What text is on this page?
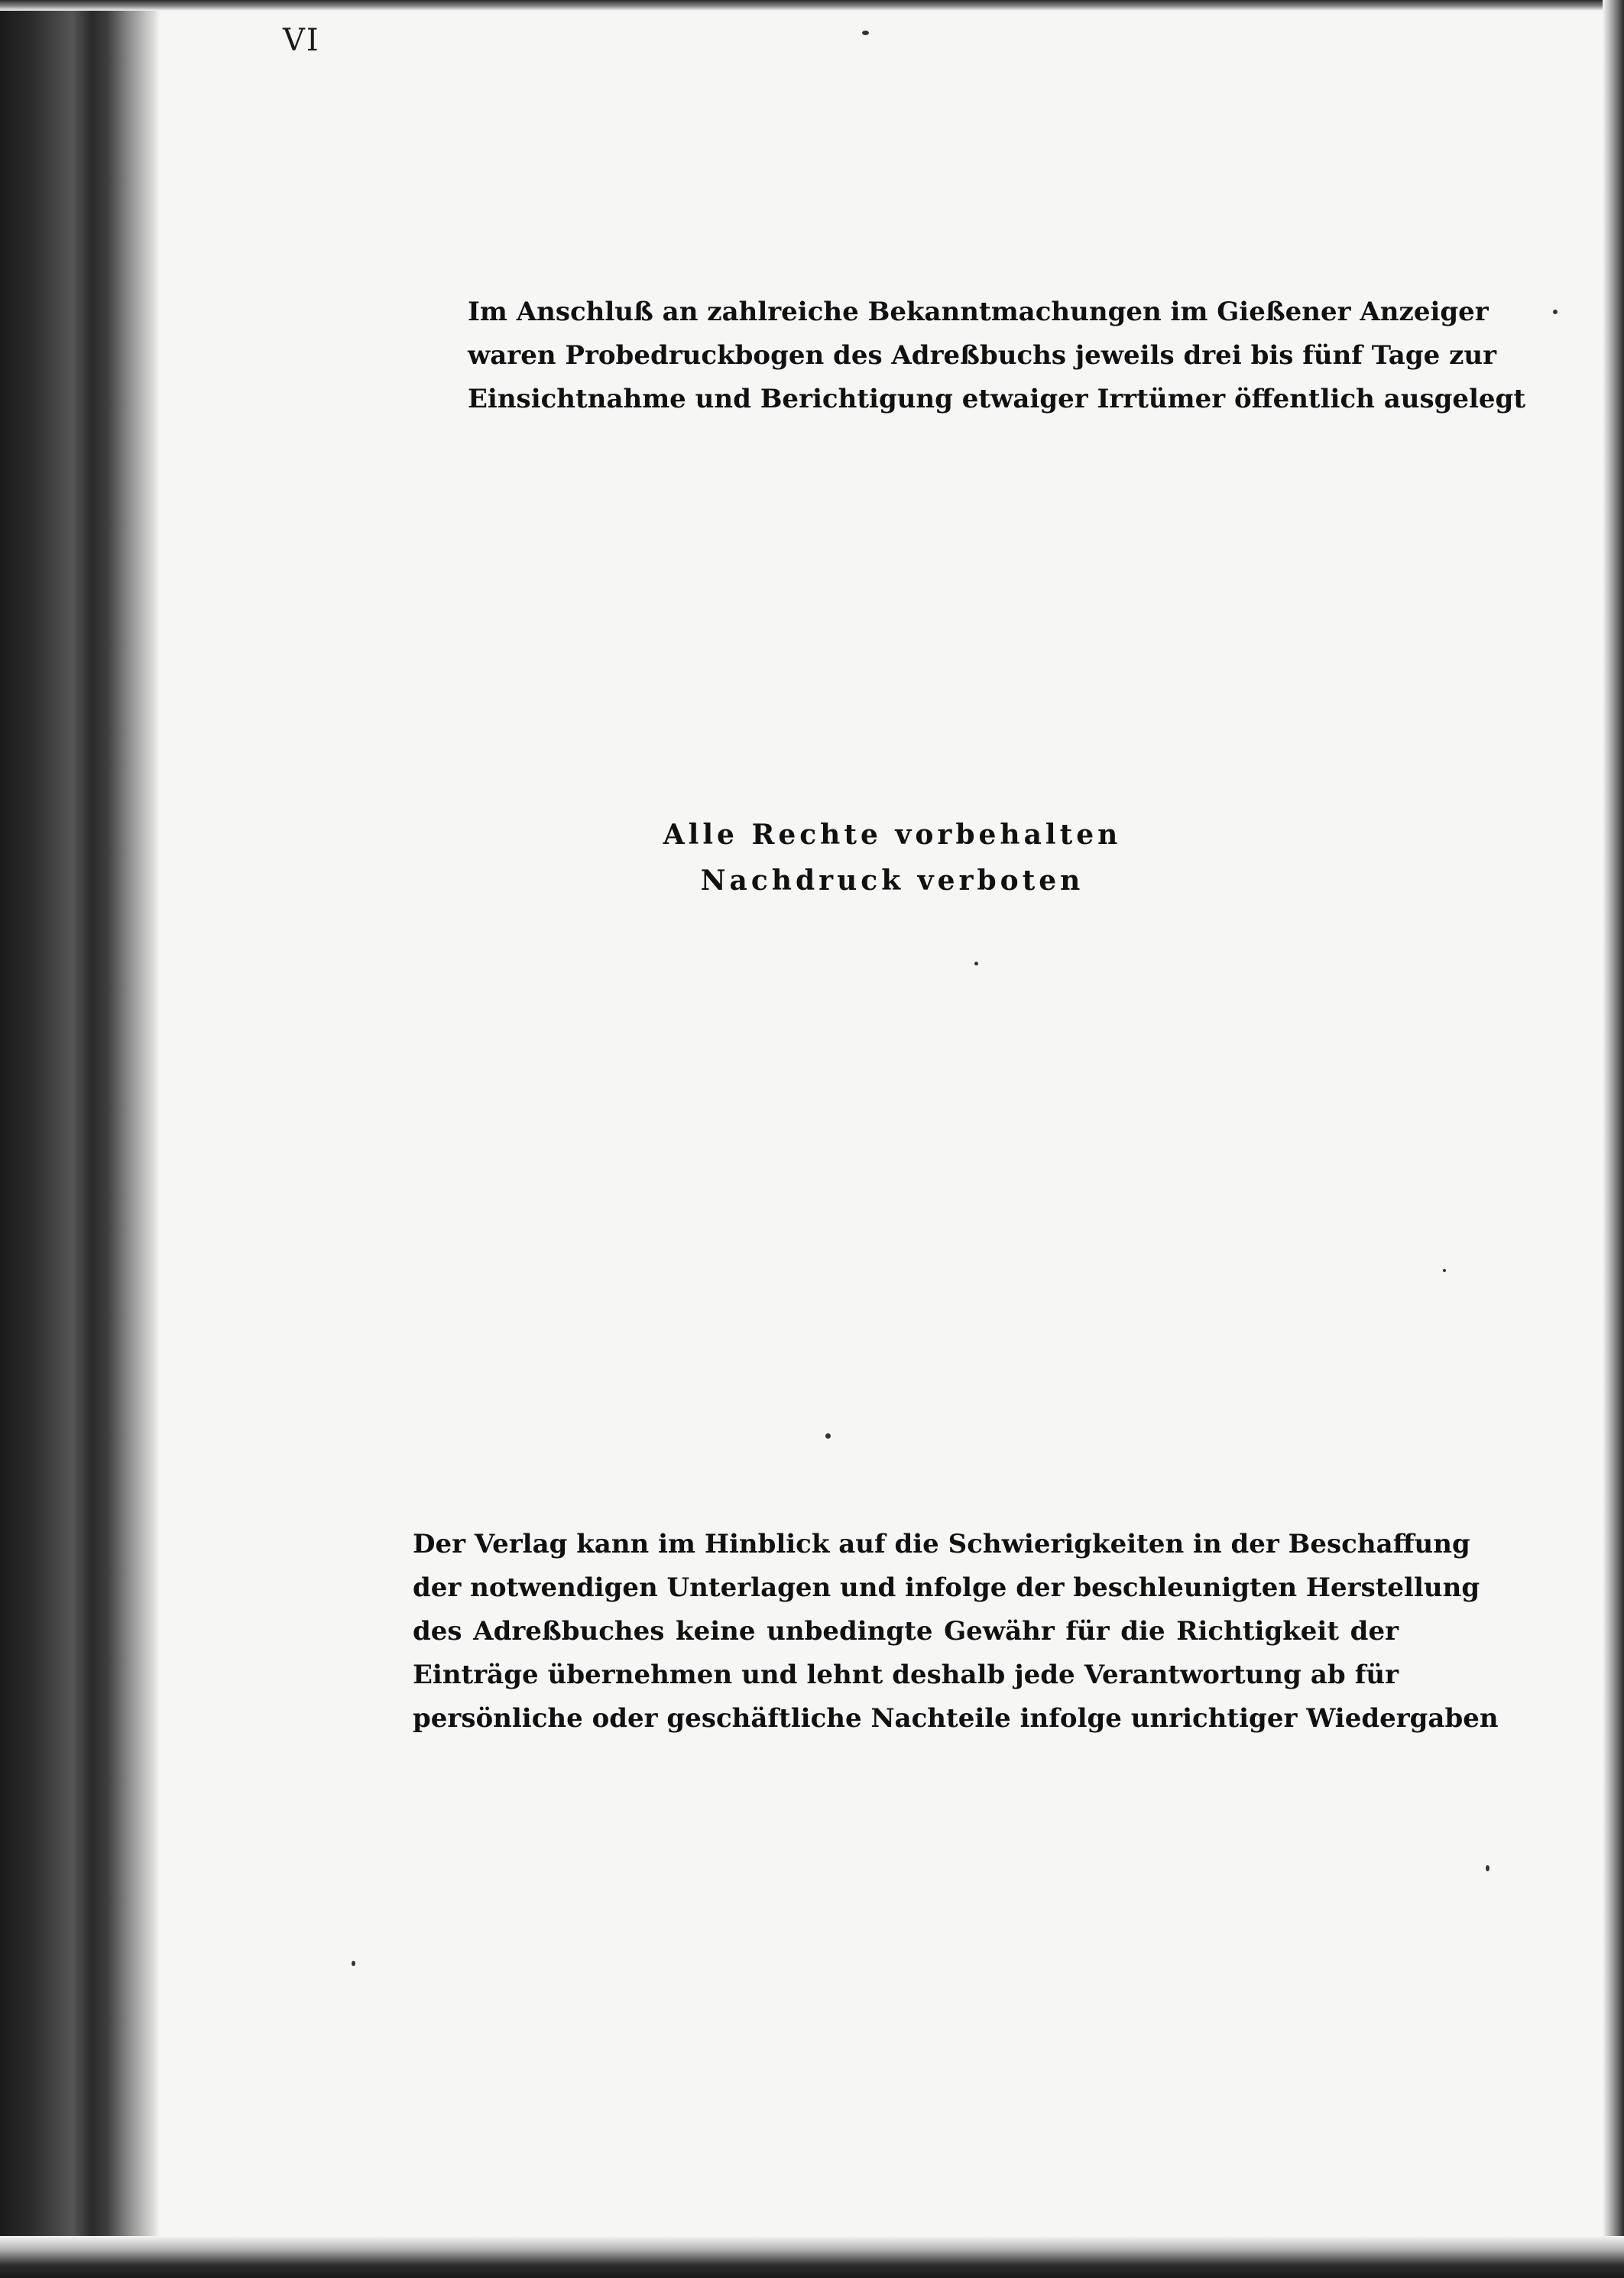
VI
Im Anschluß an zahlreiche Bekanntmachungen im Gießener Anzeiger
waren Probedruckbogen des Adreßbuchs jeweils drei bis fünf Tage zur
Einsichtnahme und Berichtigung etwaiger Irrtümer öffentlich ausgelegt
Alle Rechte vorbehalten
Nachdruck verboten
Der Verlag kann im Hinblick auf die Schwierigkeiten in der Beschaffung
der notwendigen Unterlagen und infolge der beschleunigten Herstellung
des Adreßbuches keine unbedingte Gewähr für die Richtigkeit der
Einträge übernehmen und lehnt deshalb jede Verantwortung ab für
persönliche oder geschäftliche Nachteile infolge unrichtiger Wiedergaben
